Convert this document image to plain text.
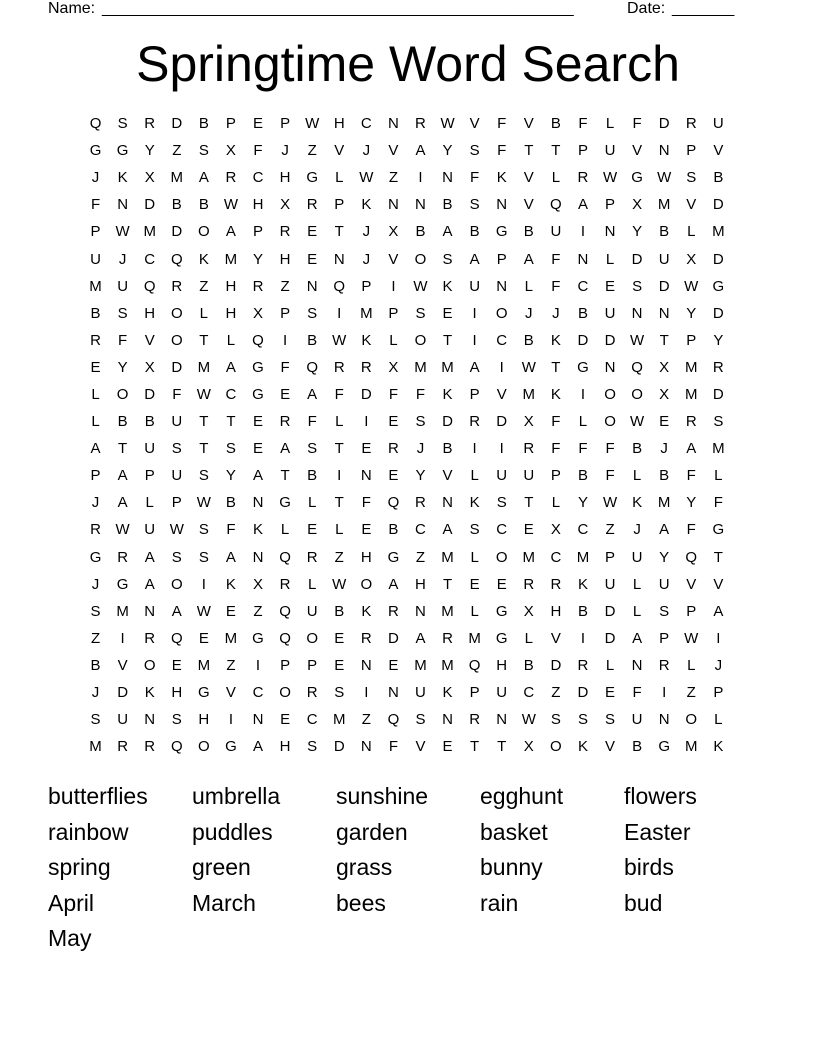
Name: _____________________________________________________	Date: _______
Springtime Word Search
Q	S	R	D	B	P	E	P W H	C	N	R W V	F	V	B	F	L	F	D	R	U
G	G	Y	Z	S	X	F	J	Z	V	J	V	A	Y	S	F	T	T	P	U	V	N	P	V
J	K	X	M	A	R	C	H	G	L	W	Z	I	N	F	K	V	L	R W G W S	B
F	N	D	B	B W H	X	R	P	K	N	N	B	S	N	V	Q	A	P	X	M	V	D
P W M	D	O	A	P	R	E	T	J	X	B	A	B	G	B	U	I	N	Y	B	L	M
U	J	C	Q	K	M	Y	H	E	N	J	V	O	S	A	P	A	F	N	L	D	U	X	D
M	U	Q	R	Z	H	R	Z	N	Q	P	I	W K	U	N	L	F	C	E	S	D W G
B	S	H	O	L	H	X	P	S	I	M	P	S	E	I	O	J	J	B	U	N	N	Y	D
R	F	V	O	T	L	Q	I	B W K	L	O	T	I	C	B	K	D	D W	T	P	Y
E	Y	X	D	M	A	G	F	Q	R	R	X	M M	A	I	W	T	G	N	Q	X	M	R
L	O	D	F	W C	G	E	A	F	D	F	F	K	P	V	M	K	I	O	O	X	M	D
L	B	B	U	T	T	E	R	F	L	I	E	S	D	R	D	X	F	L	O W E	R	S
A	T	U	S	T	S	E	A	S	T	E	R	J	B	I	I	R	F	F	F	B	J	A	M
P	A	P	U	S	Y	A	T	B	I	N	E	Y	V	L	U	U	P	B	F	L	B	F	L
J	A	L	P W B	N	G	L	T	F	Q	R	N	K	S	T	L	Y W K	M	Y	F
R W U W S	F	K	L	E	L	E	B	C	A	S	C	E	X	C	Z	J	A	F	G
G	R	A	S	S	A	N	Q	R	Z	H	G	Z	M	L	O M	C	M	P	U	Y	Q	T
J	G	A	O	I	K	X	R	L	W O	A	H	T	E	E	R	R	K	U	L	U	V	V
S	M	N	A W E	Z	Q	U	B	K	R	N	M	L	G	X	H	B	D	L	S	P	A
Z	I	R	Q	E	M	G	Q	O	E	R	D	A	R	M	G	L	V	I	D	A	P W	I
B	V	O	E	M	Z	I	P	P	E	N	E	M M	Q	H	B	D	R	L	N	R	L	J
J	D	K	H	G	V	C	O	R	S	I	N	U	K	P	U	C	Z	D	E	F	I	Z	P
S	U	N	S	H	I	N	E	C	M	Z	Q	S	N	R	N W S	S	S	U	N	O	L
M	R	R	Q	O	G	A	H	S	D	N	F	V	E	T	T	X	O	K	V	B	G M	K
butterflies	umbrella	sunshine	egghunt	flowers
rainbow	puddles	garden	basket	Easter
spring	green	grass	bunny	birds
April	March	bees	rain	bud
May
